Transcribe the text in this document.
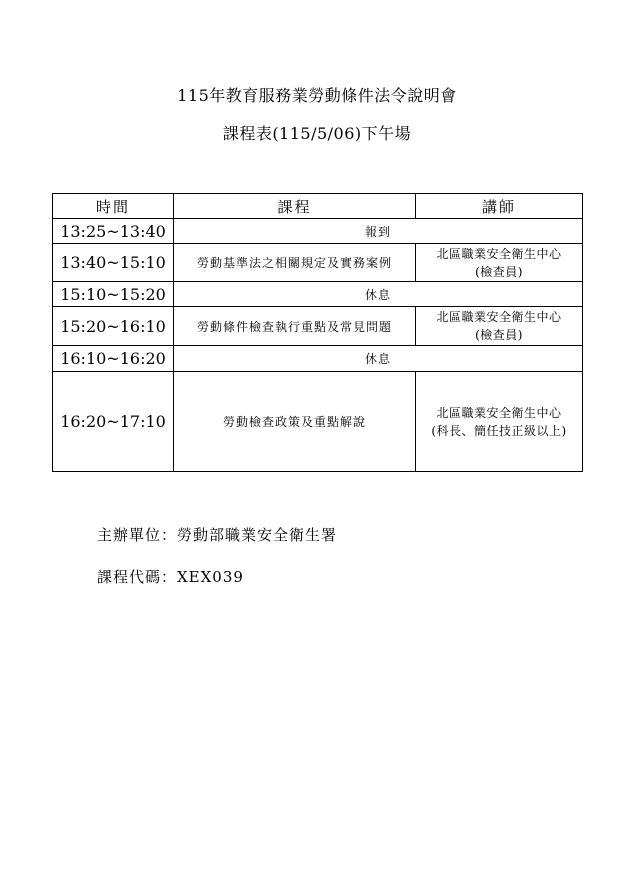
115年教育服務業勞動條件法令說明會
課程表(115/5/06)下午場
時間	課程	講師
13:25~13:40	報到	
13:40~15:10	勞動基準法之相關規定及實務案例	北區職業安全衛生中心
(檢查員)

15:10~15:20	休息	
15:20~16:10	勞動條件檢查執行重點及常見問題	北區職業安全衛生中心
(檢查員)

16:10~16:20	休息	
16:20~17:10	勞動檢查政策及重點解說	北區職業安全衛生中心
(科長、簡任技正級以上)
主辦單位：勞動部職業安全衛生署
課程代碼：XEX039
